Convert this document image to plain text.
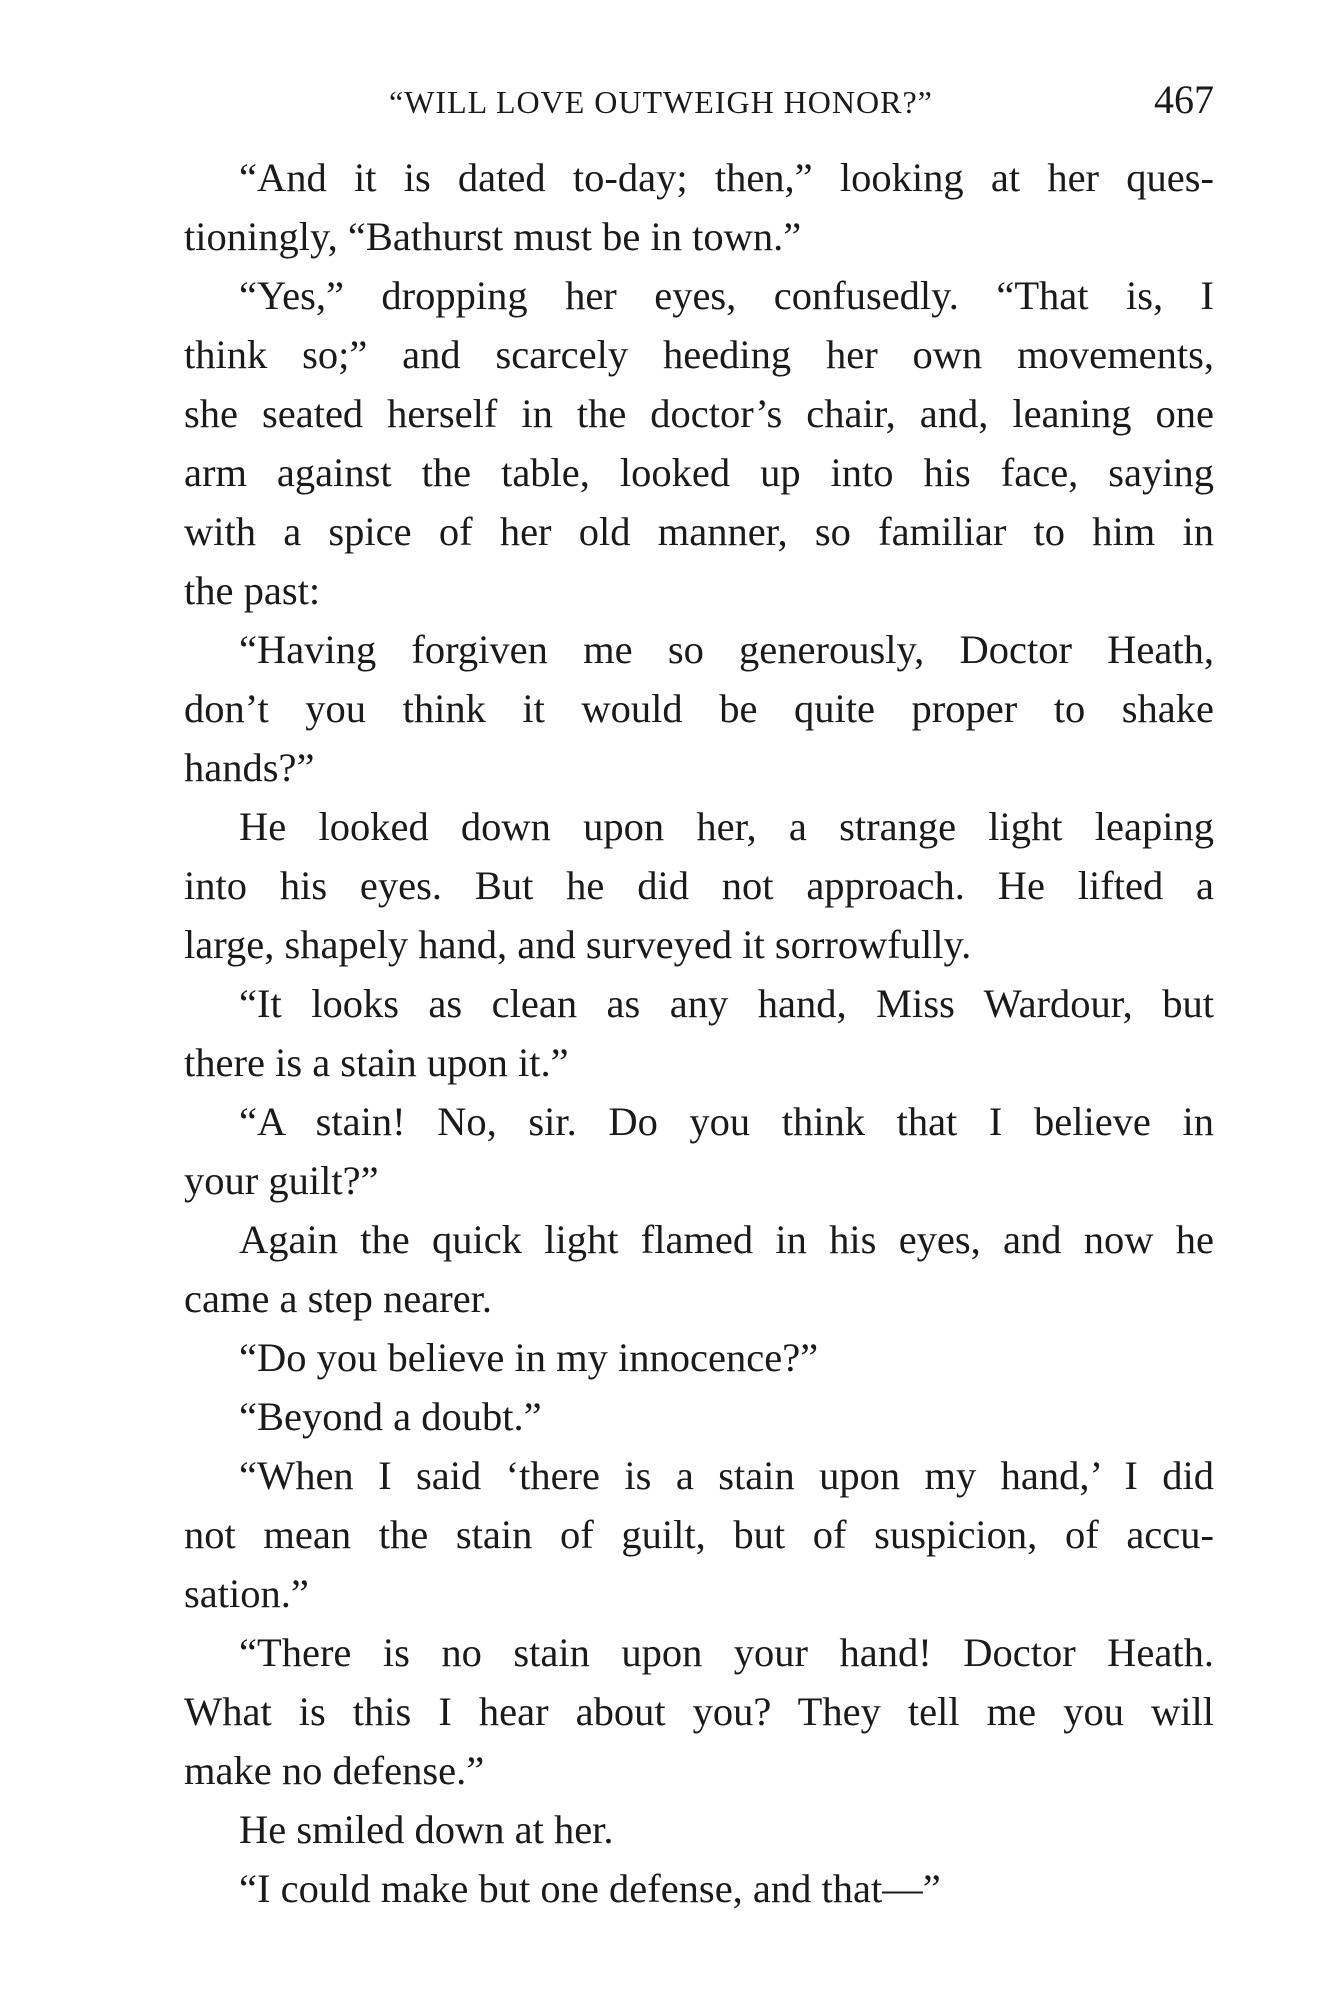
“WILL LOVE OUTWEIGH HONOR?”	467
“And it is dated to-day; then,” looking at her ques-
tioningly, “Bathurst must be in town.”
“Yes,” dropping her eyes, confusedly. “That is, I
think so;” and scarcely heeding her own movements,
she seated herself in the doctor’s chair, and, leaning one
arm against the table, looked up into his face, saying
with a spice of her old manner, so familiar to him in
the past:
“Having forgiven me so generously, Doctor Heath,
don’t you think it would be quite proper to shake
hands?”
He looked down upon her, a strange light leaping
into his eyes. But he did not approach. He lifted a
large, shapely hand, and surveyed it sorrowfully.
“It looks as clean as any hand, Miss Wardour, but
there is a stain upon it.”
“A stain! No, sir. Do you think that I believe in
your guilt?”
Again the quick light flamed in his eyes, and now he
came a step nearer.
“Do you believe in my innocence?”
“Beyond a doubt.”
“When I said ‘there is a stain upon my hand,’ I did
not mean the stain of guilt, but of suspicion, of accu-
sation.”
“There is no stain upon your hand! Doctor Heath.
What is this I hear about you? They tell me you will
make no defense.”
He smiled down at her.
“I could make but one defense, and that—”
